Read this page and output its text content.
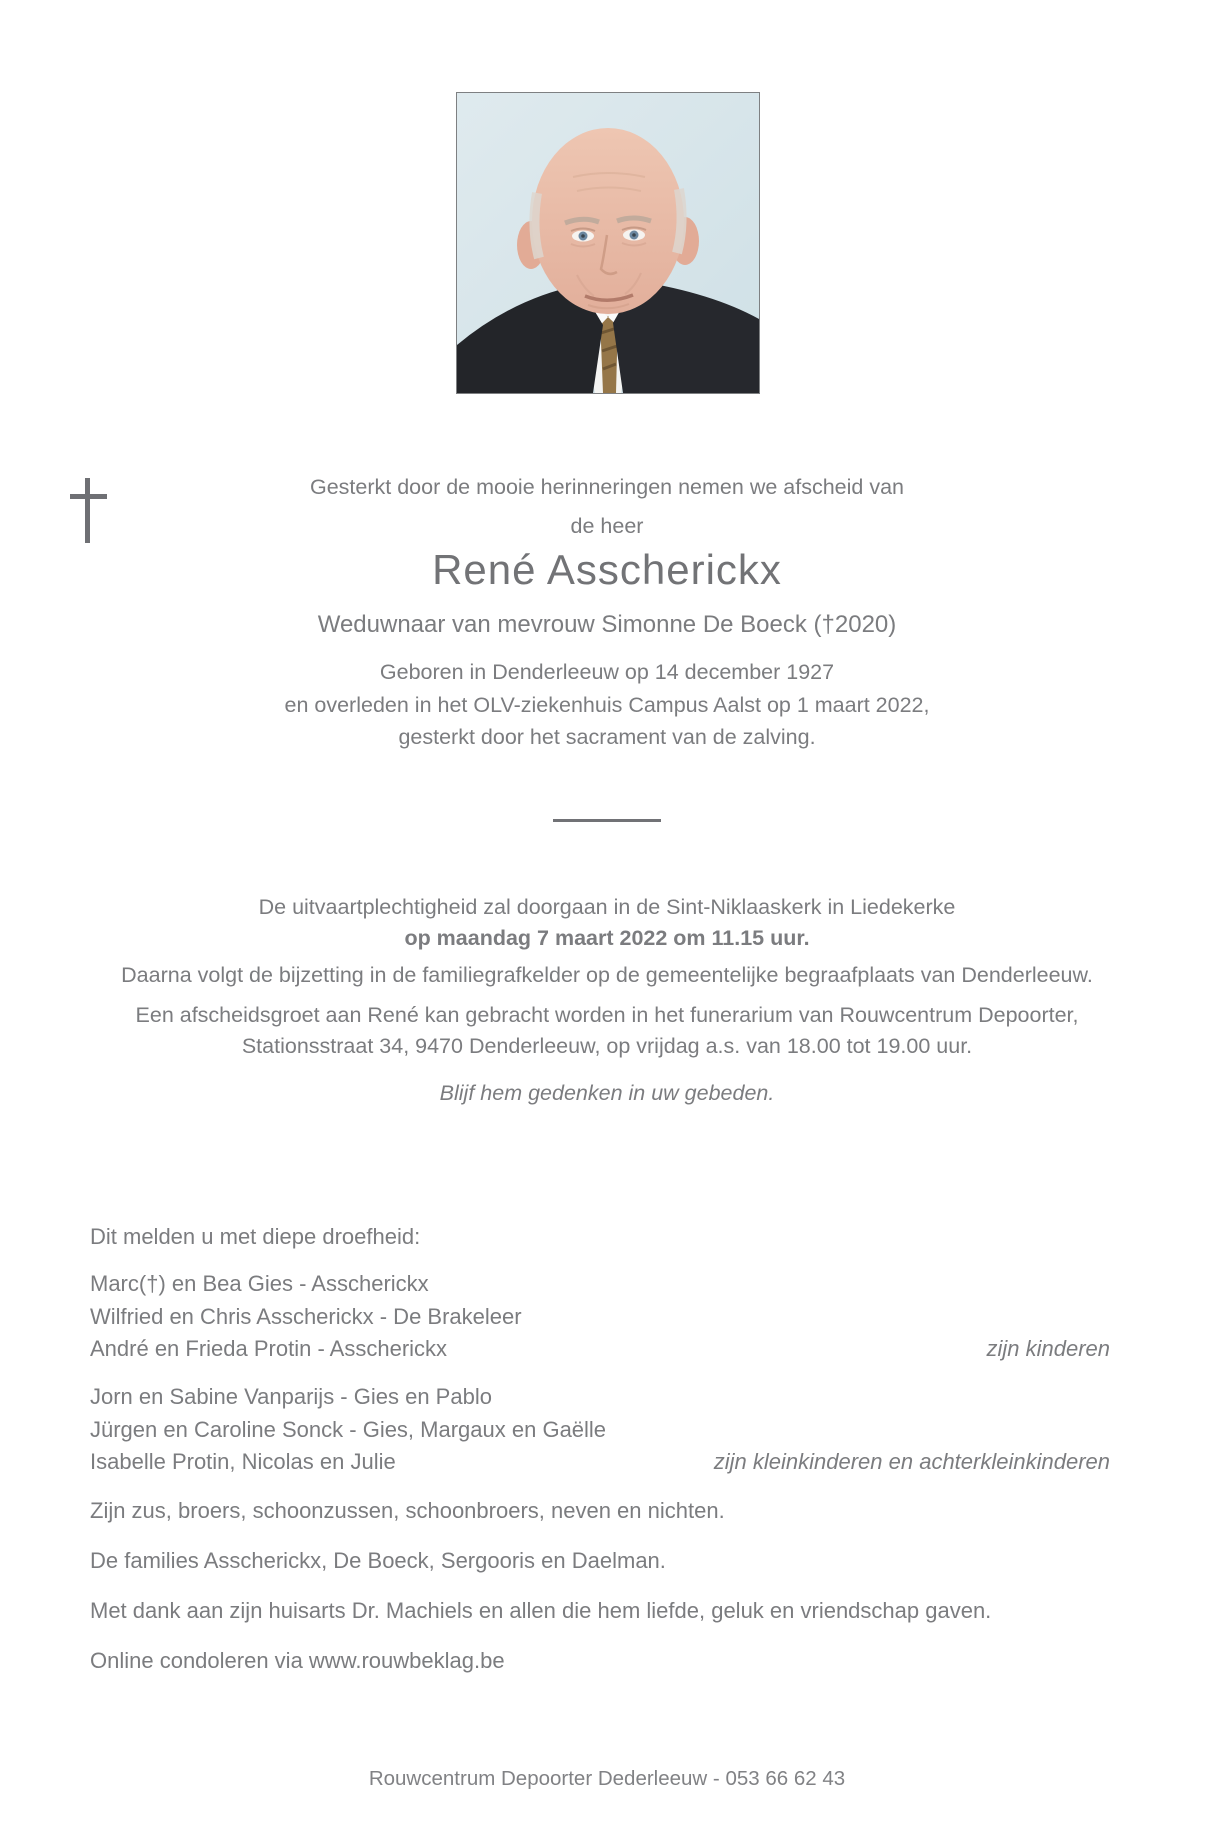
Gesterkt door de mooie herinneringen nemen we afscheid van
de heer
René Asscherickx
Weduwnaar van mevrouw Simonne De Boeck (†2020)
Geboren in Denderleeuw op 14 december 1927
en overleden in het OLV-ziekenhuis Campus Aalst op 1 maart 2022,
gesterkt door het sacrament van de zalving.
De uitvaartplechtigheid zal doorgaan in de Sint-Niklaaskerk in Liedekerke
op maandag 7 maart 2022 om 11.15 uur.
Daarna volgt de bijzetting in de familiegrafkelder op de gemeentelijke begraafplaats van Denderleeuw.
Een afscheidsgroet aan René kan gebracht worden in het funerarium van Rouwcentrum Depoorter,
Stationsstraat 34, 9470 Denderleeuw, op vrijdag a.s. van 18.00 tot 19.00 uur.
Blijf hem gedenken in uw gebeden.
Dit melden u met diepe droefheid:
Marc(†) en Bea Gies - Asscherickx
Wilfried en Chris Asscherickx - De Brakeleer
André en Frieda Protin - Asscherickx	zijn kinderen
Jorn en Sabine Vanparijs - Gies en Pablo
Jürgen en Caroline Sonck - Gies, Margaux en Gaëlle
Isabelle Protin, Nicolas en Julie	zijn kleinkinderen en achterkleinkinderen
Zijn zus, broers, schoonzussen, schoonbroers, neven en nichten.
De families Asscherickx, De Boeck, Sergooris en Daelman.
Met dank aan zijn huisarts Dr. Machiels en allen die hem liefde, geluk en vriendschap gaven.
Online condoleren via www.rouwbeklag.be
Rouwcentrum Depoorter Dederleeuw - 053 66 62 43
